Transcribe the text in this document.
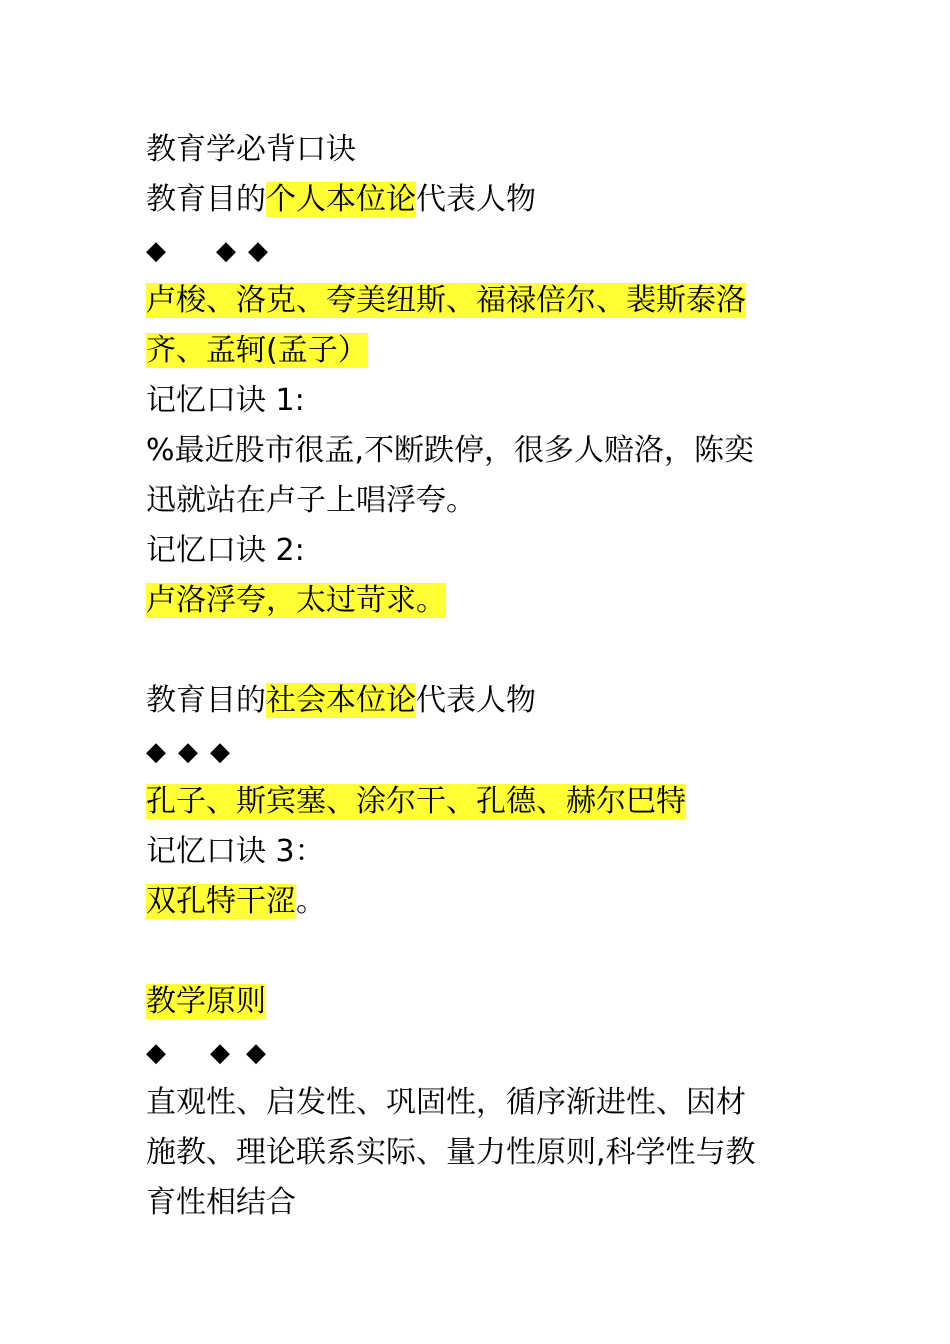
教育学必背口诀

教育目的个人本位论代表人物

◆ ◆ ◆

卢梭、洛克、夸美纽斯、福禄倍尔、裴斯泰洛

齐、孟轲(孟子）

记忆口诀 1:

%最近股市很孟,不断跌停，很多人赔洛，陈奕

迅就站在卢子上唱浮夸。

记忆口诀 2:

卢洛浮夸，太过苛求。

教育目的社会本位论代表人物

◆ ◆ ◆

孔子、斯宾塞、涂尔干、孔德、赫尔巴特

记忆口诀 3：

双孔特干涩。

教学原则

◆ ◆ ◆

直观性、启发性、巩固性，循序渐进性、因材

施教、理论联系实际、量力性原则,科学性与教

育性相结合
